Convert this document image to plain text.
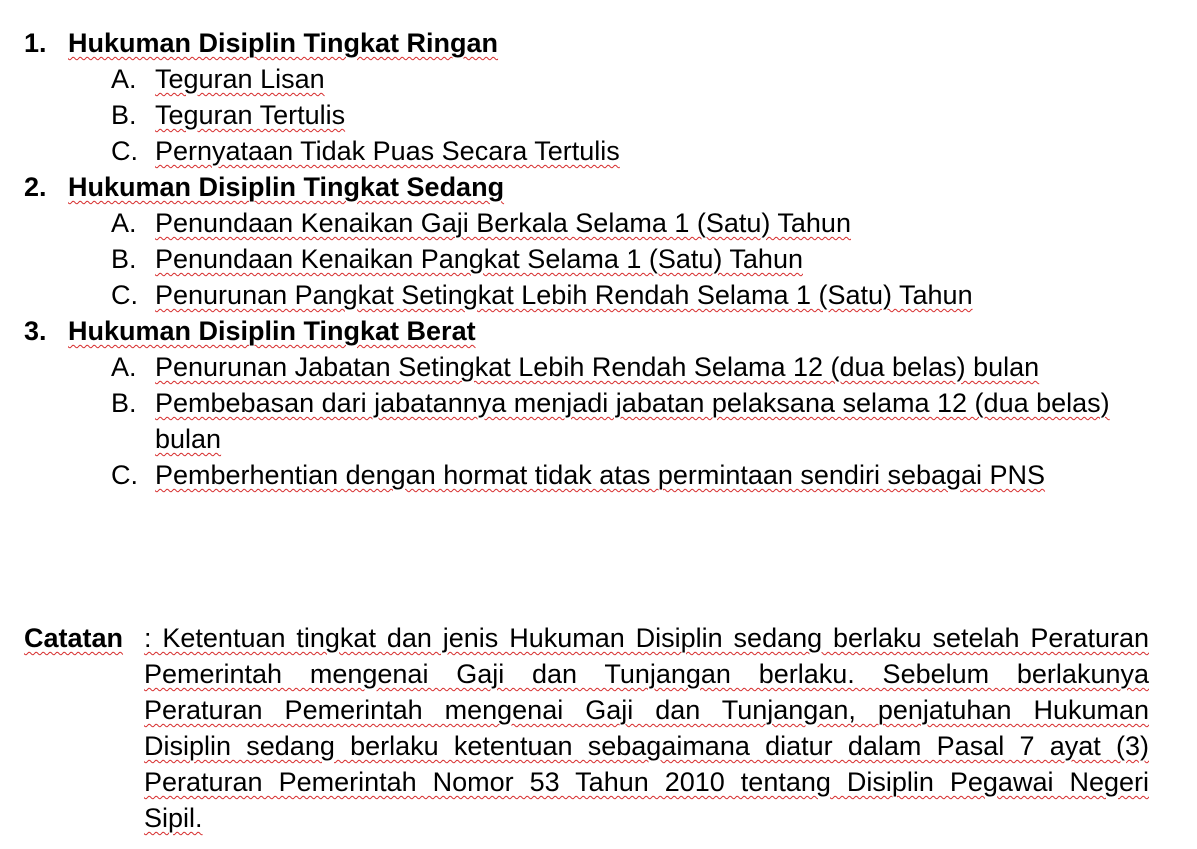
1. Hukuman Disiplin Tingkat Ringan
A. Teguran Lisan
B. Teguran Tertulis
C. Pernyataan Tidak Puas Secara Tertulis
2. Hukuman Disiplin Tingkat Sedang
A. Penundaan Kenaikan Gaji Berkala Selama 1 (Satu) Tahun
B. Penundaan Kenaikan Pangkat Selama 1 (Satu) Tahun
C. Penurunan Pangkat Setingkat Lebih Rendah Selama 1 (Satu) Tahun
3. Hukuman Disiplin Tingkat Berat
A. Penurunan Jabatan Setingkat Lebih Rendah Selama 12 (dua belas) bulan
B. Pembebasan dari jabatannya menjadi jabatan pelaksana selama 12 (dua belas)
bulan
C. Pemberhentian dengan hormat tidak atas permintaan sendiri sebagai PNS
Catatan : Ketentuan tingkat dan jenis Hukuman Disiplin sedang berlaku setelah Peraturan
Pemerintah mengenai Gaji dan Tunjangan berlaku. Sebelum berlakunya
Peraturan Pemerintah mengenai Gaji dan Tunjangan, penjatuhan Hukuman
Disiplin sedang berlaku ketentuan sebagaimana diatur dalam Pasal 7 ayat (3)
Peraturan Pemerintah Nomor 53 Tahun 2010 tentang Disiplin Pegawai Negeri
Sipil.
